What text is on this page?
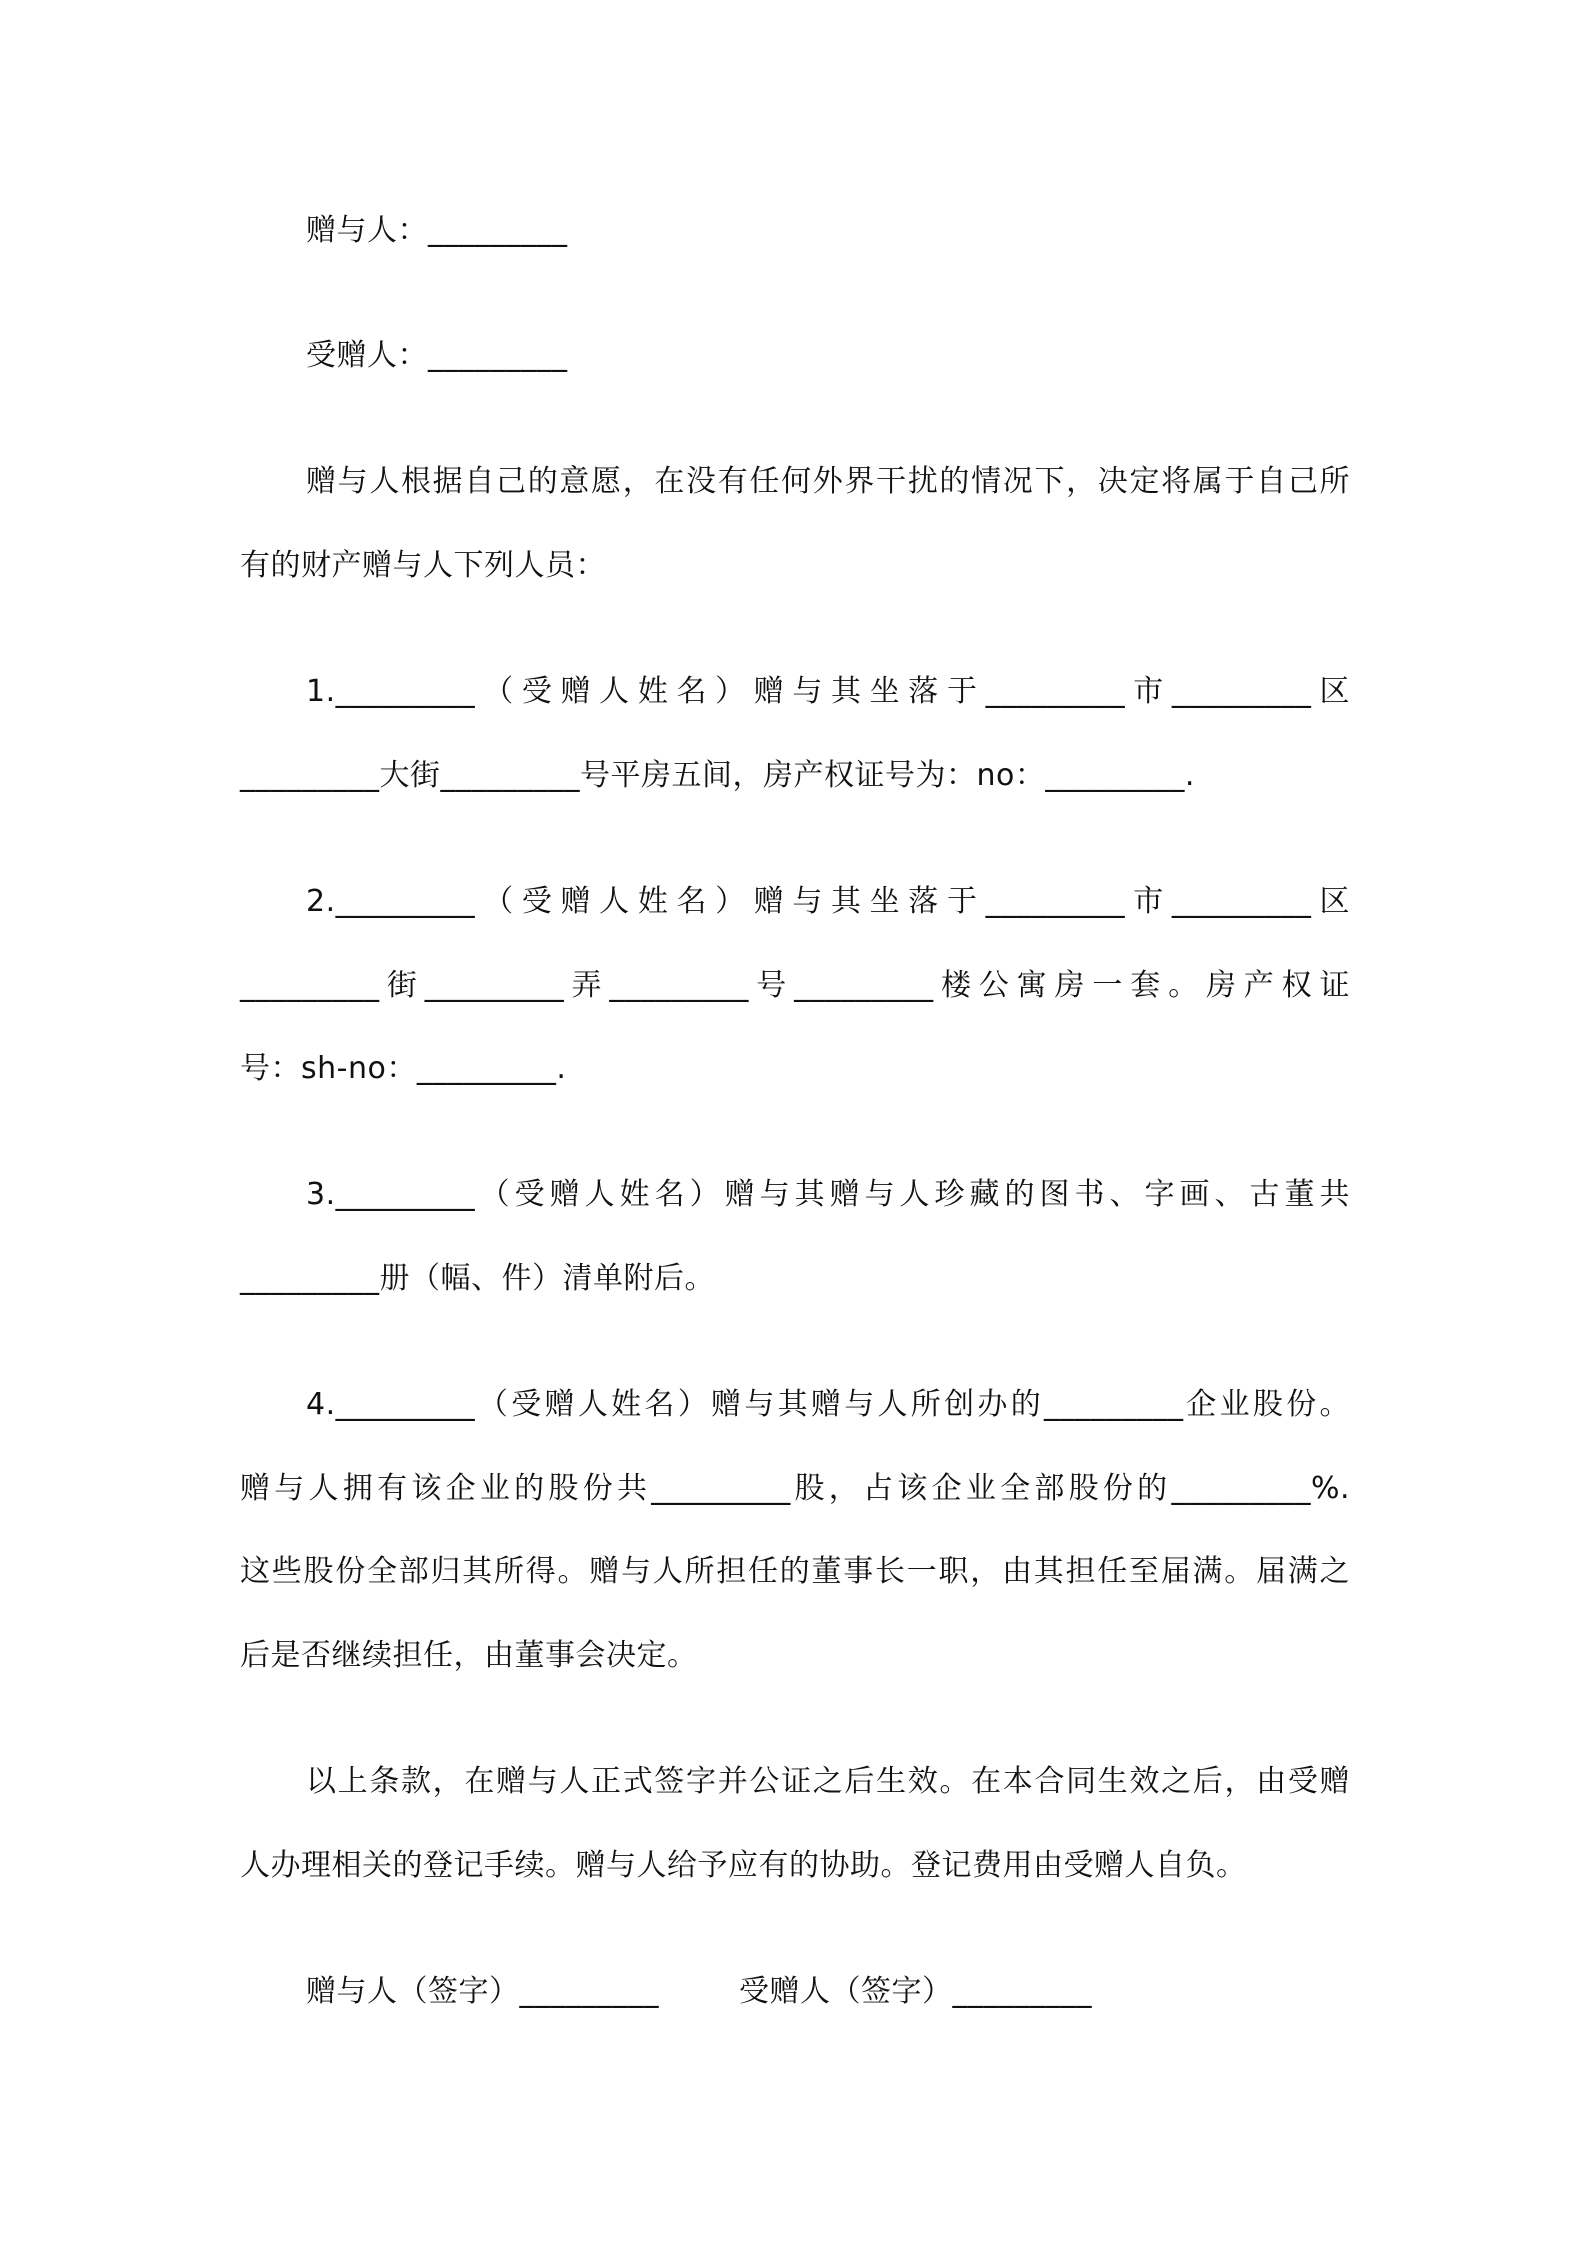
赠与人：_________
受赠人：_________
赠与人根据自己的意愿，在没有任何外界干扰的情况下，决定将属于自己所
有的财产赠与人下列人员：
1._________（受赠人姓名）赠与其坐落于_________市_________区
_________大街_________号平房五间，房产权证号为：no：_________.
2._________（受赠人姓名）赠与其坐落于_________市_________区
_________街_________弄_________号_________楼公寓房一套。房产权证
号：sh-no：_________.
3._________（受赠人姓名）赠与其赠与人珍藏的图书、字画、古董共
_________册（幅、件）清单附后。
4._________（受赠人姓名）赠与其赠与人所创办的_________企业股份。
赠与人拥有该企业的股份共_________股，占该企业全部股份的_________%.
这些股份全部归其所得。赠与人所担任的董事长一职，由其担任至届满。届满之
后是否继续担任，由董事会决定。
以上条款，在赠与人正式签字并公证之后生效。在本合同生效之后，由受赠
人办理相关的登记手续。赠与人给予应有的协助。登记费用由受赠人自负。
赠与人（签字）_________	受赠人（签字）_________
